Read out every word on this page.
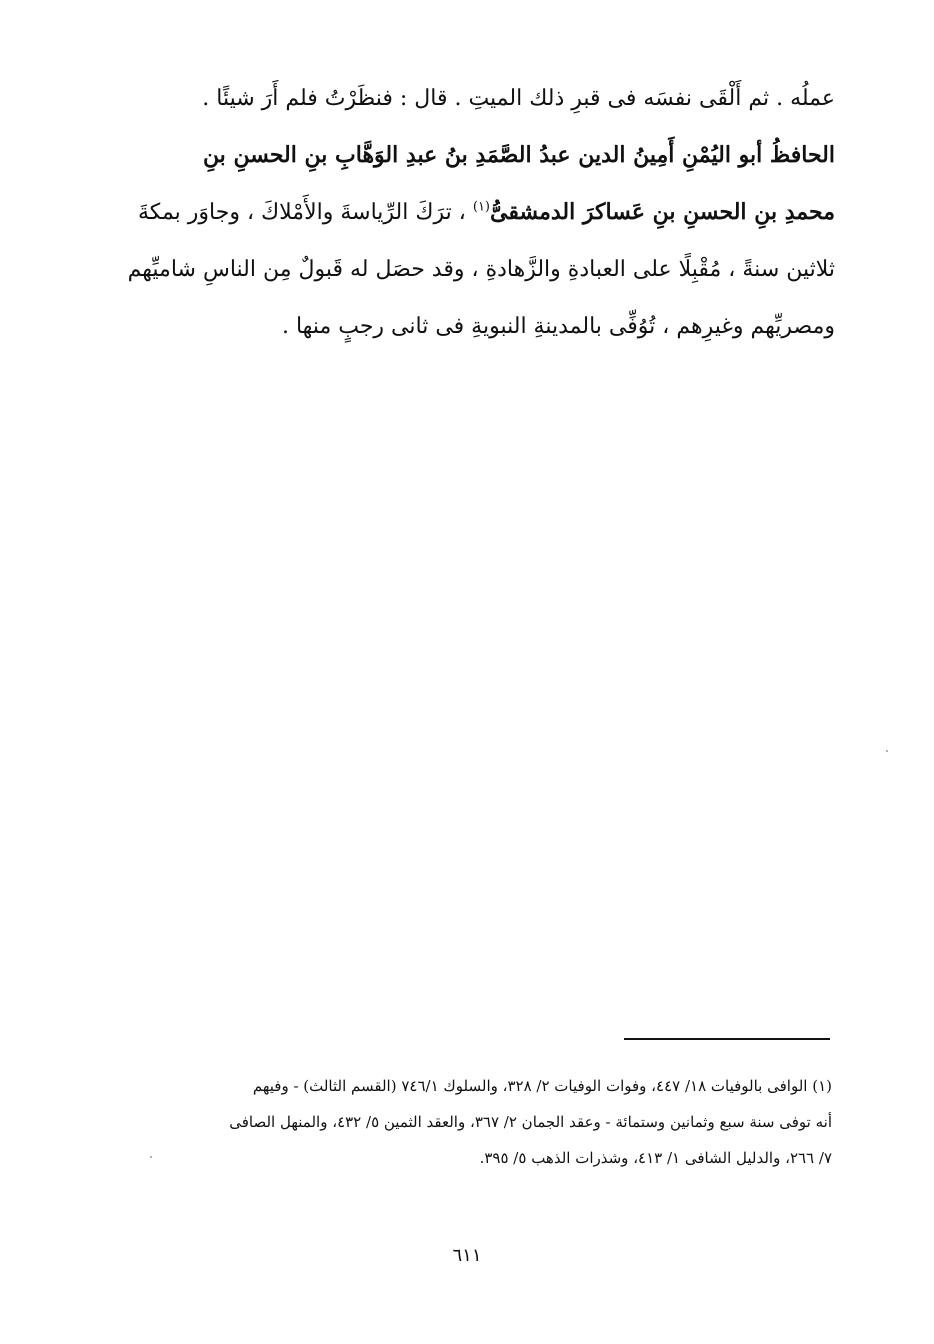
عملُه . ثم أَلْقَى نفسَه فى قبرِ ذلك الميتِ . قال : فنظَرْتُ فلم أَرَ شيئًا .
الحافظُ أبو اليُمْنِ أَمِينُ الدين عبدُ الصَّمَدِ بنُ عبدِ الوَهَّابِ بنِ الحسنِ بنِ
محمدِ بنِ الحسنِ بنِ عَساكرَ الدمشقىُّ$^{(١)}$ ، ترَكَ الرِّياسةَ والأَمْلاكَ ، وجاوَر بمكةَ
ثلاثين سنةً ، مُقْبِلًا على العبادةِ والزَّهادةِ ، وقد حصَل له قَبولٌ مِن الناسِ شاميِّهم
ومصريِّهم وغيرِهم ، تُوُفِّى بالمدينةِ النبويةِ فى ثانى رجبٍ منها .
(١) الوافى بالوفيات ١٨/ ٤٤٧، وفوات الوفيات ٢/ ٣٢٨، والسلوك ٧٤٦/١ (القسم الثالث) - وفيهم
أنه توفى سنة سبع وثمانين وستمائة - وعقد الجمان ٢/ ٣٦٧، والعقد الثمين ٥/ ٤٣٢، والمنهل الصافى
٧/ ٢٦٦، والدليل الشافى ١/ ٤١٣، وشذرات الذهب ٥/ ٣٩٥.
٦١١
